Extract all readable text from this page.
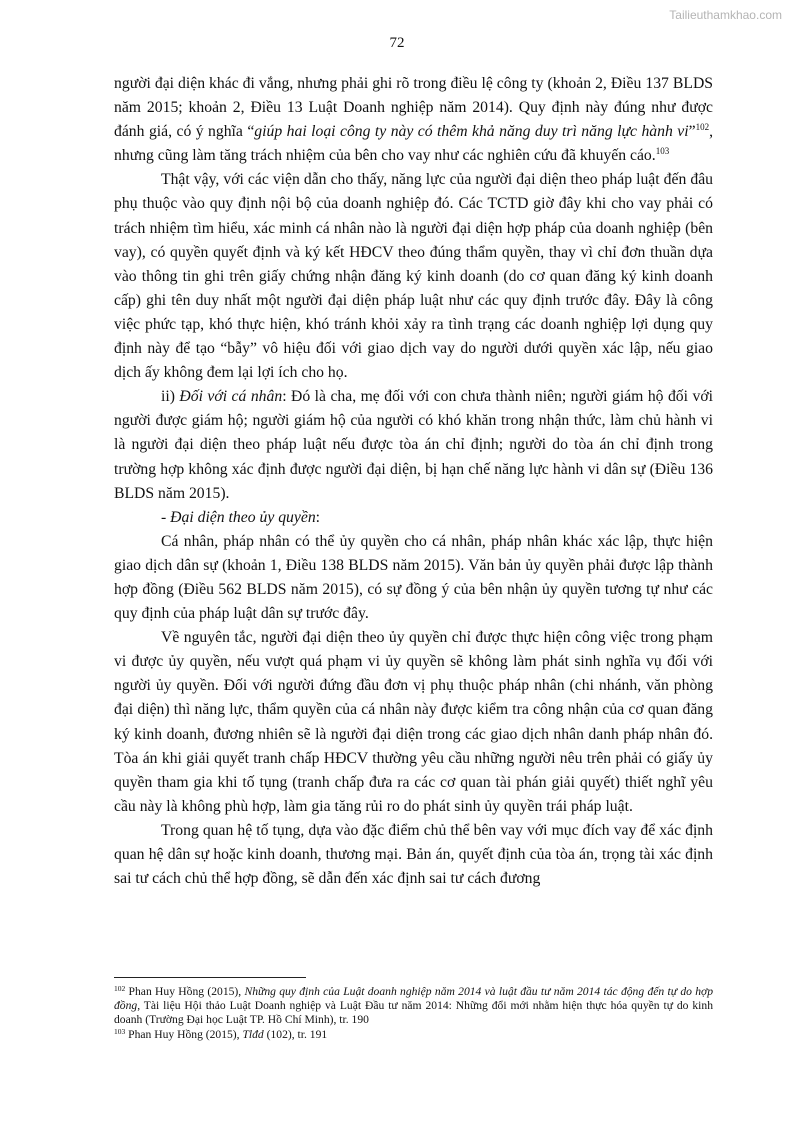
Tailieuthamkhao.com
72

người đại diện khác đi vắng, nhưng phải ghi rõ trong điều lệ công ty (khoản 2, Điều 137 BLDS năm 2015; khoản 2, Điều 13 Luật Doanh nghiệp năm 2014). Quy định này đúng như được đánh giá, có ý nghĩa “giúp hai loại công ty này có thêm khả năng duy trì năng lực hành vi”$^{102}$, nhưng cũng làm tăng trách nhiệm của bên cho vay như các nghiên cứu đã khuyến cáo.$^{103}$

Thật vậy, với các viện dẫn cho thấy, năng lực của người đại diện theo pháp luật đến đâu phụ thuộc vào quy định nội bộ của doanh nghiệp đó. Các TCTD giờ đây khi cho vay phải có trách nhiệm tìm hiểu, xác minh cá nhân nào là người đại diện hợp pháp của doanh nghiệp (bên vay), có quyền quyết định và ký kết HĐCV theo đúng thẩm quyền, thay vì chỉ đơn thuần dựa vào thông tin ghi trên giấy chứng nhận đăng ký kinh doanh (do cơ quan đăng ký kinh doanh cấp) ghi tên duy nhất một người đại diện pháp luật như các quy định trước đây. Đây là công việc phức tạp, khó thực hiện, khó tránh khỏi xảy ra tình trạng các doanh nghiệp lợi dụng quy định này để tạo “bẫy” vô hiệu đối với giao dịch vay do người dưới quyền xác lập, nếu giao dịch ấy không đem lại lợi ích cho họ.

ii) Đối với cá nhân: Đó là cha, mẹ đối với con chưa thành niên; người giám hộ đối với người được giám hộ; người giám hộ của người có khó khăn trong nhận thức, làm chủ hành vi là người đại diện theo pháp luật nếu được tòa án chỉ định; người do tòa án chỉ định trong trường hợp không xác định được người đại diện, bị hạn chế năng lực hành vi dân sự (Điều 136 BLDS năm 2015).

- Đại diện theo ủy quyền:

Cá nhân, pháp nhân có thể ủy quyền cho cá nhân, pháp nhân khác xác lập, thực hiện giao dịch dân sự (khoản 1, Điều 138 BLDS năm 2015). Văn bản ủy quyền phải được lập thành hợp đồng (Điều 562 BLDS năm 2015), có sự đồng ý của bên nhận ủy quyền tương tự như các quy định của pháp luật dân sự trước đây.

Về nguyên tắc, người đại diện theo ủy quyền chỉ được thực hiện công việc trong phạm vi được ủy quyền, nếu vượt quá phạm vi ủy quyền sẽ không làm phát sinh nghĩa vụ đối với người ủy quyền. Đối với người đứng đầu đơn vị phụ thuộc pháp nhân (chi nhánh, văn phòng đại diện) thì năng lực, thẩm quyền của cá nhân này được kiểm tra công nhận của cơ quan đăng ký kinh doanh, đương nhiên sẽ là người đại diện trong các giao dịch nhân danh pháp nhân đó. Tòa án khi giải quyết tranh chấp HĐCV thường yêu cầu những người nêu trên phải có giấy ủy quyền tham gia khi tố tụng (tranh chấp đưa ra các cơ quan tài phán giải quyết) thiết nghĩ yêu cầu này là không phù hợp, làm gia tăng rủi ro do phát sinh ủy quyền trái pháp luật.

Trong quan hệ tố tụng, dựa vào đặc điểm chủ thể bên vay với mục đích vay để xác định quan hệ dân sự hoặc kinh doanh, thương mại. Bản án, quyết định của tòa án, trọng tài xác định sai tư cách chủ thể hợp đồng, sẽ dẫn đến xác định sai tư cách đương

$^{102}$ Phan Huy Hồng (2015), Những quy định của Luật doanh nghiệp năm 2014 và luật đầu tư năm 2014 tác động đến tự do hợp đồng, Tài liệu Hội thảo Luật Doanh nghiệp và Luật Đầu tư năm 2014: Những đổi mới nhằm hiện thực hóa quyền tự do kinh doanh (Trường Đại học Luật TP. Hồ Chí Minh), tr. 190

$^{103}$ Phan Huy Hồng (2015), Tlđd (102), tr. 191
